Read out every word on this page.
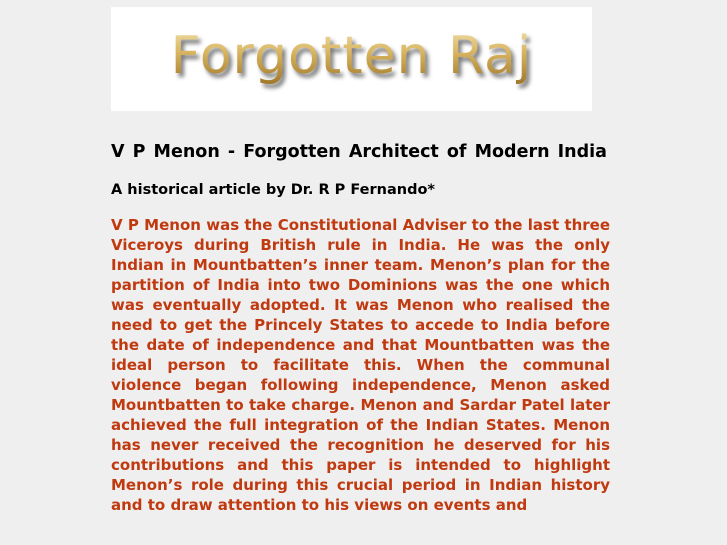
Forgotten Raj
V P Menon - Forgotten Architect of Modern India
A historical article by Dr. R P Fernando*
V P Menon was the Constitutional Adviser to the last three Viceroys during British rule in India. He was the only Indian in Mountbatten’s inner team. Menon’s plan for the partition of India into two Dominions was the one which was eventually adopted. It was Menon who realised the need to get the Princely States to accede to India before the date of independence and that Mountbatten was the ideal person to facilitate this. When the communal violence began following independence, Menon asked Mountbatten to take charge. Menon and Sardar Patel later achieved the full integration of the Indian States. Menon has never received the recognition he deserved for his contributions and this paper is intended to highlight Menon’s role during this crucial period in Indian history and to draw attention to his views on events and
